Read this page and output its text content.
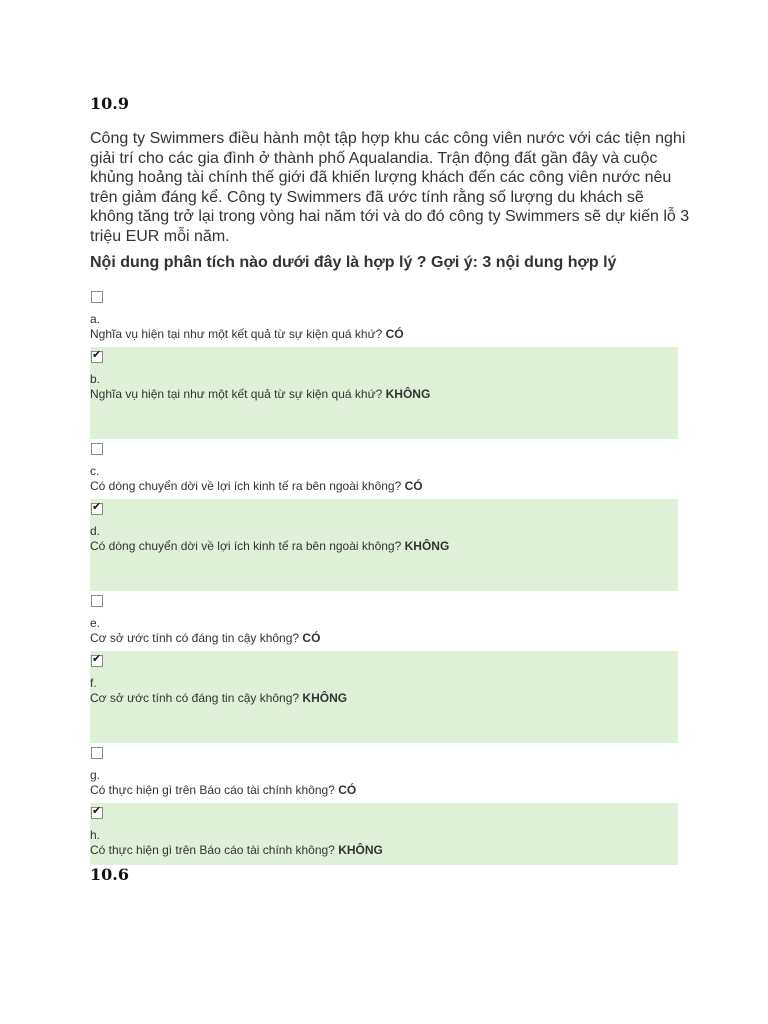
10.9

Công ty Swimmers điều hành một tập hợp khu các công viên nước với các tiện nghi giải trí cho các gia đình ở thành phố Aqualandia. Trận động đất gần đây và cuộc khủng hoảng tài chính thế giới đã khiến lượng khách đến các công viên nước nêu trên giảm đáng kể. Công ty Swimmers đã ước tính rằng số lượng du khách sẽ không tăng trở lại trong vòng hai năm tới và do đó công ty Swimmers sẽ dự kiến lỗ 3 triệu EUR mỗi năm.

Nội dung phân tích nào dưới đây là hợp lý ? Gợi ý: 3 nội dung hợp lý

a.
Nghĩa vụ hiện tại như một kết quả từ sự kiện quá khứ? CÓ
✔
b.
Nghĩa vụ hiện tại như một kết quả từ sự kiện quá khứ? KHÔNG
c.
Có dòng chuyển dời về lợi ích kinh tế ra bên ngoài không? CÓ
✔
d.
Có dòng chuyển dời về lợi ích kinh tế ra bên ngoài không? KHÔNG
e.
Cơ sở ước tính có đáng tin cậy không? CÓ
✔
f.
Cơ sở ước tính có đáng tin cậy không? KHÔNG
g.
Có thực hiện gì trên Báo cáo tài chính không? CÓ
✔
h.
Có thực hiện gì trên Báo cáo tài chính không? KHÔNG
10.6
